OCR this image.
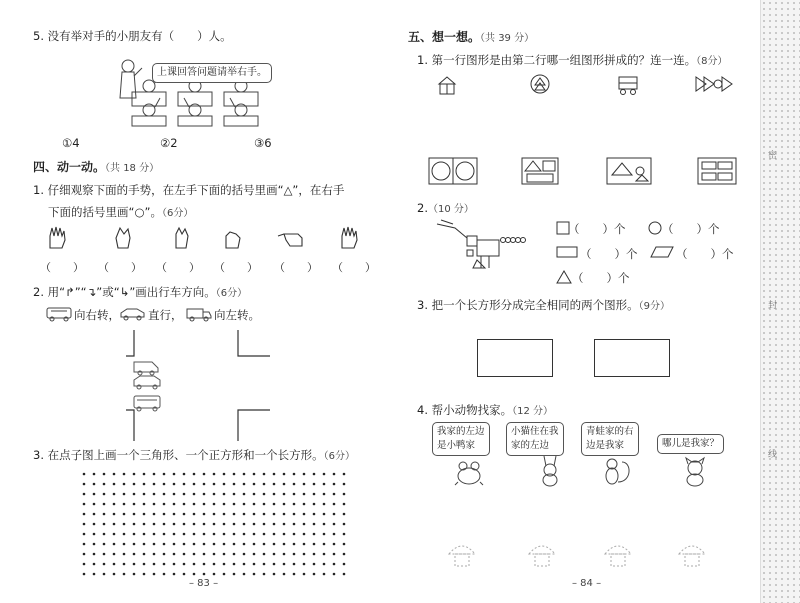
5. 没有举对手的小朋友有（　　）人。
上课回答问题请举右手。
①4	②2	③6
四、动一动。（共 18 分）
1. 仔细观察下面的手势，在左手下面的括号里画“△”，在右手
下面的括号里画“○”。（6分）
（　　） （　　） （　　） （　　） （　　） （　　）
2. 用“↱”“↴”或“↳”画出行车方向。（6分）
向右转， 直行，	向左转。
3. 在点子图上画一个三角形、一个正方形和一个长方形。（6分）
– 83 –
五、想一想。（共 39 分）
1. 第一行图形是由第二行哪一组图形拼成的？连一连。（8分）
2.（10 分）
（　　）个	（　　）个
（　　）个	（　　）个
（　　）个
3. 把一个长方形分成完全相同的两个图形。（9分）
4. 帮小动物找家。（12 分）
我家的左边
是小鸭家
小猫住在我
家的左边
青蛙家的右
边是我家	哪儿是我家？
– 84 –
密
封
线
